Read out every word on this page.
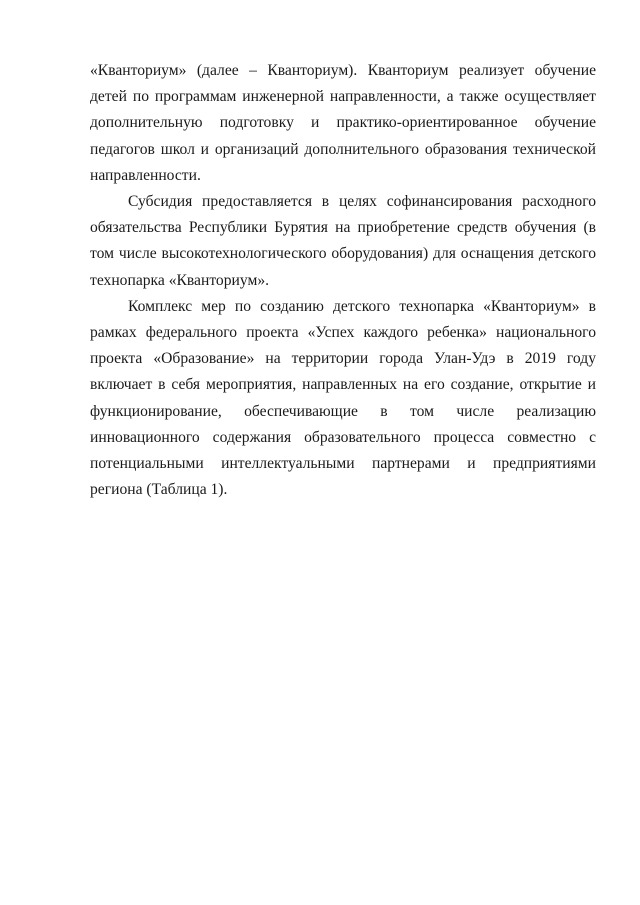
«Кванториум» (далее – Кванториум). Кванториум реализует обучение детей по программам инженерной направленности, а также осуществляет дополнительную подготовку и практико-ориентированное обучение педагогов школ и организаций дополнительного образования технической направленности.

Субсидия предоставляется в целях софинансирования расходного обязательства Республики Бурятия на приобретение средств обучения (в том числе высокотехнологического оборудования) для оснащения детского технопарка «Кванториум».

Комплекс мер по созданию детского технопарка «Кванториум» в рамках федерального проекта «Успех каждого ребенка» национального проекта «Образование» на территории города Улан-Удэ в 2019 году включает в себя мероприятия, направленных на его создание, открытие и функционирование, обеспечивающие в том числе реализацию инновационного содержания образовательного процесса совместно с потенциальными интеллектуальными партнерами и предприятиями региона (Таблица 1).
